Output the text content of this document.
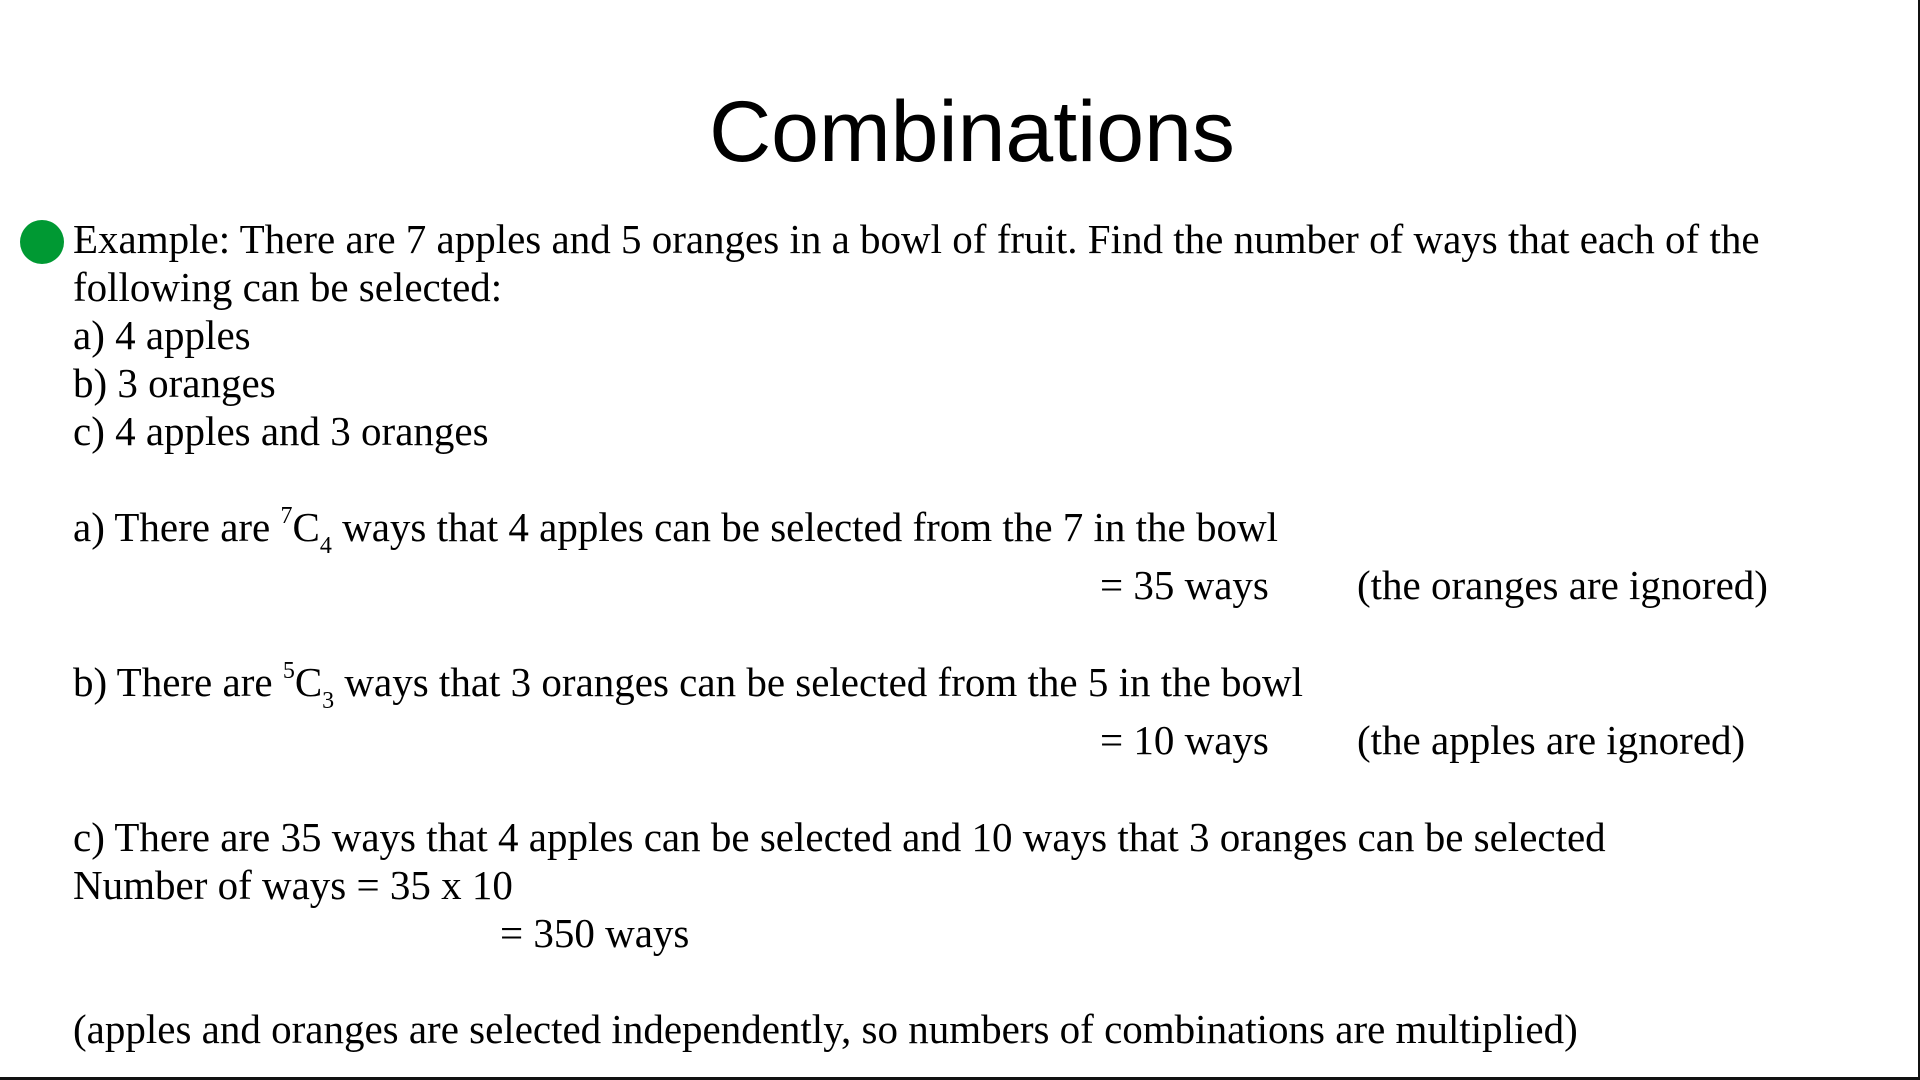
Combinations

Example: There are 7 apples and 5 oranges in a bowl of fruit. Find the number of ways that each of the

following can be selected:

a) 4 apples

b) 3 oranges

c) 4 apples and 3 oranges

a) There are $^7C_4$ ways that 4 apples can be selected from the 7 in the bowl

= 35 ways (the oranges are ignored)

b) There are $^5C_3$ ways that 3 oranges can be selected from the 5 in the bowl

= 10 ways (the apples are ignored)

c) There are 35 ways that 4 apples can be selected and 10 ways that 3 oranges can be selected

Number of ways = 35 x 10

= 350 ways

(apples and oranges are selected independently, so numbers of combinations are multiplied)
